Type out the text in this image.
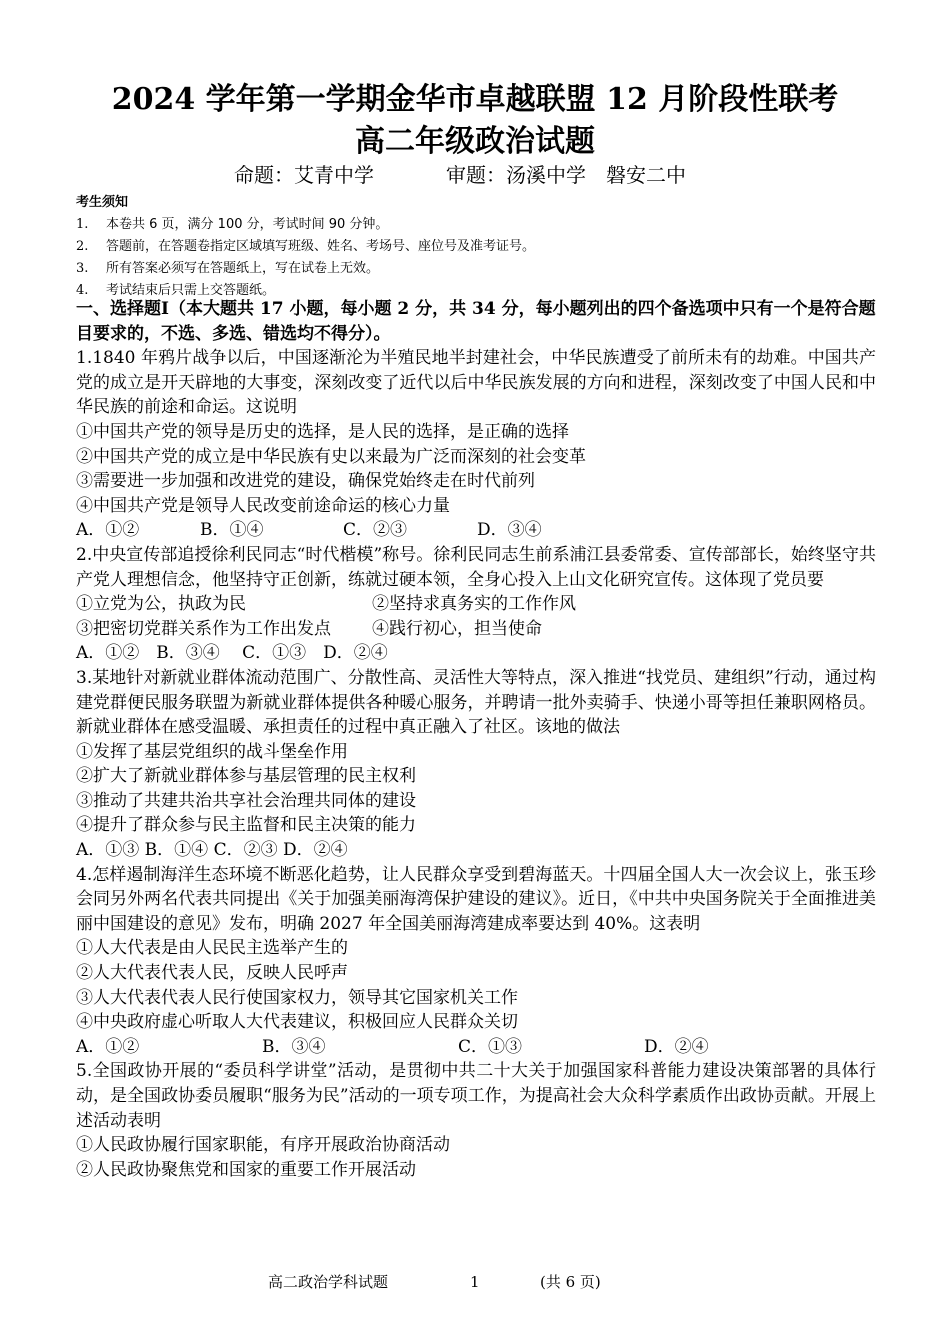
2024 学年第一学期金华市卓越联盟 12 月阶段性联考
高二年级政治试题
命题：艾青中学	审题：汤溪中学　磐安二中
考生须知
1. 本卷共 6 页，满分 100 分，考试时间 90 分钟。
2. 答题前，在答题卷指定区域填写班级、姓名、考场号、座位号及准考证号。
3. 所有答案必须写在答题纸上，写在试卷上无效。
4. 考试结束后只需上交答题纸。
一、选择题Ⅰ（本大题共 17 小题，每小题 2 分，共 34 分，每小题列出的四个备选项中只有一个是符合题目要求的，不选、多选、错选均不得分）。
1.1840 年鸦片战争以后，中国逐渐沦为半殖民地半封建社会，中华民族遭受了前所未有的劫难。中国共产党的成立是开天辟地的大事变，深刻改变了近代以后中华民族发展的方向和进程，深刻改变了中国人民和中华民族的前途和命运。这说明
①中国共产党的领导是历史的选择，是人民的选择，是正确的选择
②中国共产党的成立是中华民族有史以来最为广泛而深刻的社会变革
③需要进一步加强和改进党的建设，确保党始终走在时代前列
④中国共产党是领导人民改变前途命运的核心力量
A．①②	B．①④	C．②③	D．③④
2.中央宣传部追授徐利民同志“时代楷模”称号。徐利民同志生前系浦江县委常委、宣传部部长，始终坚守共产党人理想信念，他坚持守正创新，练就过硬本领，全身心投入上山文化研究宣传。这体现了党员要
①立党为公，执政为民	②坚持求真务实的工作作风
③把密切党群关系作为工作出发点 ④践行初心，担当使命
A．①②　B．③④　 C．①③　D．②④
3.某地针对新就业群体流动范围广、分散性高、灵活性大等特点，深入推进“找党员、建组织”行动，通过构建党群便民服务联盟为新就业群体提供各种暖心服务，并聘请一批外卖骑手、快递小哥等担任兼职网格员。新就业群体在感受温暖、承担责任的过程中真正融入了社区。该地的做法
①发挥了基层党组织的战斗堡垒作用
②扩大了新就业群体参与基层管理的民主权利
③推动了共建共治共享社会治理共同体的建设
④提升了群众参与民主监督和民主决策的能力
A．①③ B．①④ C．②③ D．②④
4.怎样遏制海洋生态环境不断恶化趋势，让人民群众享受到碧海蓝天。十四届全国人大一次会议上，张玉珍会同另外两名代表共同提出《关于加强美丽海湾保护建设的建议》。近日，《中共中央国务院关于全面推进美丽中国建设的意见》发布，明确 2027 年全国美丽海湾建成率要达到 40%。这表明
①人大代表是由人民民主选举产生的
②人大代表代表人民，反映人民呼声
③人大代表代表人民行使国家权力，领导其它国家机关工作
④中央政府虚心听取人大代表建议，积极回应人民群众关切
A．①②	B．③④	C．①③	D．②④
5.全国政协开展的“委员科学讲堂”活动，是贯彻中共二十大关于加强国家科普能力建设决策部署的具体行动，是全国政协委员履职“服务为民”活动的一项专项工作，为提高社会大众科学素质作出政协贡献。开展上述活动表明
①人民政协履行国家职能，有序开展政治协商活动
②人民政协聚焦党和国家的重要工作开展活动
高二政治学科试题	1	(共 6 页)
